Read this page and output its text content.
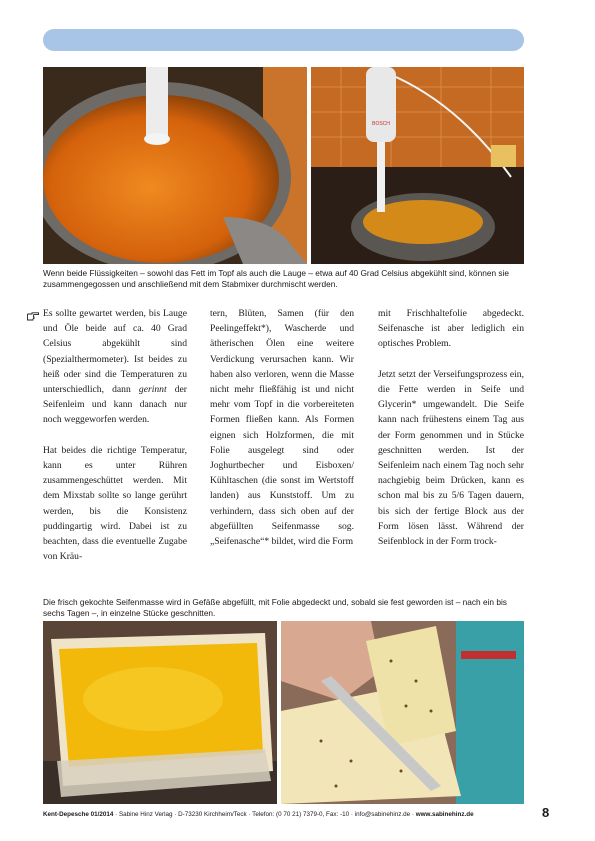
BOSCH
Wenn beide Flüssigkeiten – sowohl das Fett im Topf als auch die Lauge – etwa auf 40 Grad Celsius abgekühlt sind, können sie zusammengegossen und anschließend mit dem Stabmixer durchmischt werden.

Es sollte gewartet werden, bis Lauge und Öle beide auf ca. 40 Grad Celsius abgekühlt sind (Spezialthermometer). Ist beides zu heiß oder sind die Temperaturen zu unterschiedlich, dann gerinnt der Seifenleim und kann danach nur noch weggeworfen werden.

Hat beides die richtige Temperatur, kann es unter Rühren zusammengeschüttet werden. Mit dem Mixstab sollte so lange gerührt werden, bis die Konsistenz puddingartig wird. Dabei ist zu beachten, dass die eventuelle Zugabe von Kräu-

tern, Blüten, Samen (für den Peelingeffekt*), Wascherde und ätherischen Ölen eine weitere Verdickung verursachen kann. Wir haben also verloren, wenn die Masse nicht mehr fließfähig ist und nicht mehr vom Topf in die vorbereiteten Formen fließen kann. Als Formen eignen sich Holzformen, die mit Folie ausgelegt sind oder Joghurtbecher und Eisboxen/ Kühltaschen (die sonst im Wertstoff landen) aus Kunststoff. Um zu verhindern, dass sich oben auf der abgefüllten Seifenmasse sog. „Seifenasche“* bildet, wird die Form

mit Frischhaltefolie abgedeckt. Seifenasche ist aber lediglich ein optisches Problem.

Jetzt setzt der Verseifungsprozess ein, die Fette werden in Seife und Glycerin* umgewandelt. Die Seife kann nach frühestens einem Tag aus der Form genommen und in Stücke geschnitten werden. Ist der Seifenleim nach einem Tag noch sehr nachgiebig beim Drücken, kann es schon mal bis zu 5/6 Tagen dauern, bis sich der fertige Block aus der Form lösen lässt. Während der Seifenblock in der Form trock-

Die frisch gekochte Seifenmasse wird in Gefäße abgefüllt, mit Folie abgedeckt und, sobald sie fest geworden ist – nach ein bis sechs Tagen –, in einzelne Stücke geschnitten.
Kent-Depesche 01/2014 · Sabine Hinz Verlag · D-73230 Kirchheim/Teck · Telefon: (0 70 21) 7379-0, Fax: -10 · info@sabinehinz.de · www.sabinehinz.de	8
